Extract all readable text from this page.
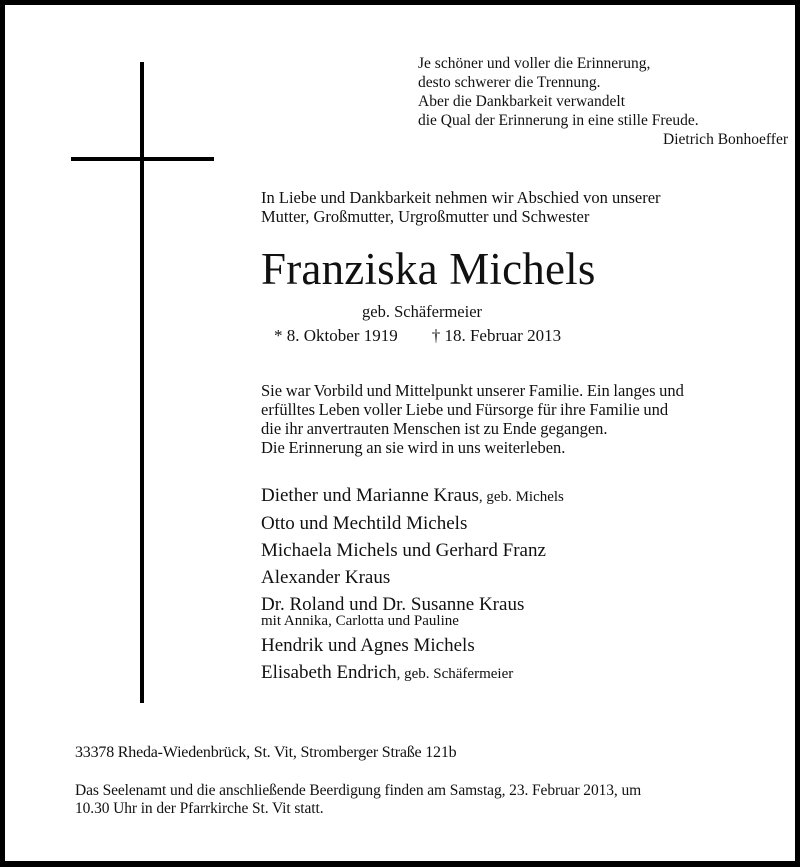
Je schöner und voller die Erinnerung,
desto schwerer die Trennung.
Aber die Dankbarkeit verwandelt
die Qual der Erinnerung in eine stille Freude.
Dietrich Bonhoeffer
In Liebe und Dankbarkeit nehmen wir Abschied von unserer
Mutter, Großmutter, Urgroßmutter und Schwester
Franziska Michels
geb. Schäfermeier
* 8. Oktober 1919 † 18. Februar 2013
Sie war Vorbild und Mittelpunkt unserer Familie. Ein langes und
erfülltes Leben voller Liebe und Fürsorge für ihre Familie und
die ihr anvertrauten Menschen ist zu Ende gegangen.
Die Erinnerung an sie wird in uns weiterleben.
Diether und Marianne Kraus, geb. Michels
Otto und Mechtild Michels
Michaela Michels und Gerhard Franz
Alexander Kraus
Dr. Roland und Dr. Susanne Kraus
mit Annika, Carlotta und Pauline
Hendrik und Agnes Michels
Elisabeth Endrich, geb. Schäfermeier
33378 Rheda-Wiedenbrück, St. Vit, Stromberger Straße 121b
Das Seelenamt und die anschließende Beerdigung finden am Samstag, 23. Februar 2013, um
10.30 Uhr in der Pfarrkirche St. Vit statt.
